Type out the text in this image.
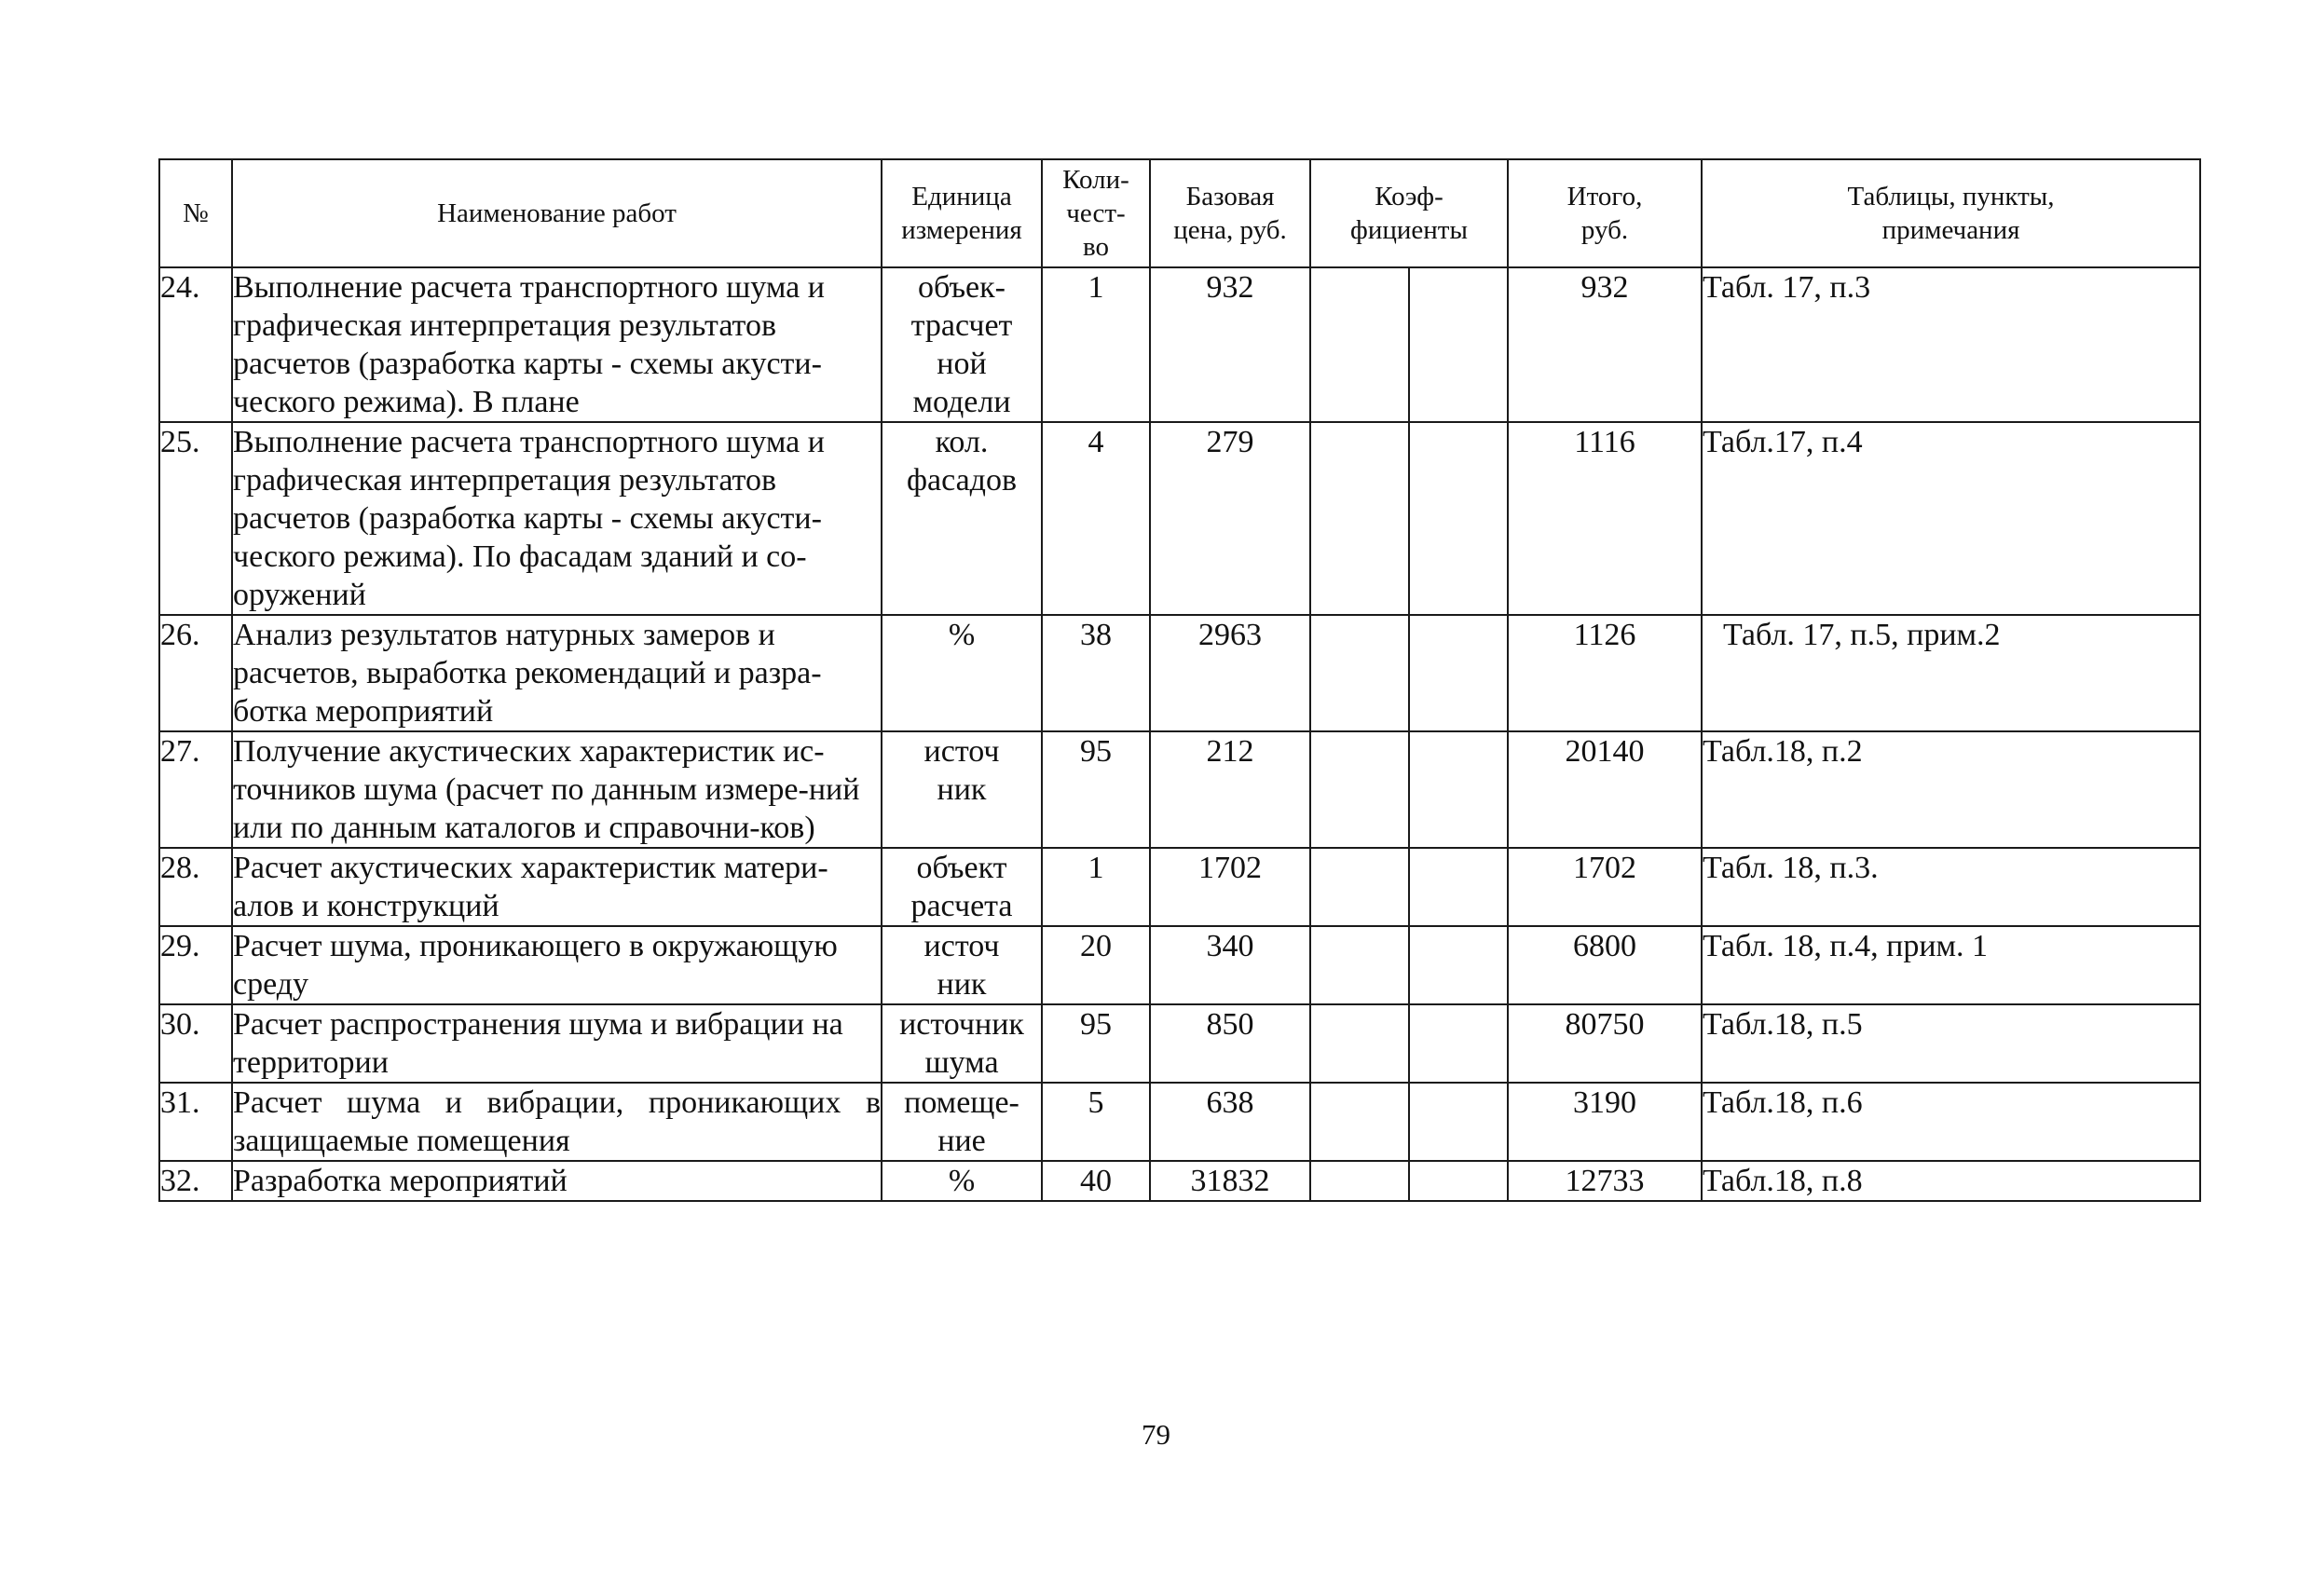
№	Наименование работ	Единица измерения	Коли-чест-во	Базовая цена, руб.	Коэф-фициенты		Итого, руб.	Таблицы, пункты, примечания

24.	Выполнение расчета транспортного шума и графическая интерпретация результатов расчетов (разработка карты - схемы акусти-ческого режима). В плане	объек-трасчет ной модели	1	932			932	Табл. 17, п.3
25.	Выполнение расчета транспортного шума и графическая интерпретация результатов расчетов (разработка карты - схемы акусти-ческого режима). По фасадам зданий и со-оружений	кол. фасадов	4	279			1116	Табл.17, п.4
26.	Анализ результатов натурных замеров и расчетов, выработка рекомендаций и разра-ботка мероприятий	%	38	2963			1126	Табл. 17, п.5, прим.2
27.	Получение акустических характеристик ис-точников шума (расчет по данным измере-ний или по данным каталогов и справочни-ков)	источ ник	95	212			20140	Табл.18, п.2
28.	Расчет акустических характеристик матери-алов и конструкций	объект расчета	1	1702			1702	Табл. 18, п.3.
29.	Расчет шума, проникающего в окружающую среду	источ ник	20	340			6800	Табл. 18, п.4, прим. 1
30.	Расчет распространения шума и вибрации на территории	источник шума	95	850			80750	Табл.18, п.5
31.	Расчет шума и вибрации, проникающих в защищаемые помещения	помеще-ние	5	638			3190	Табл.18, п.6
32.	Разработка мероприятий	%	40	31832			12733	Табл.18, п.8
79
